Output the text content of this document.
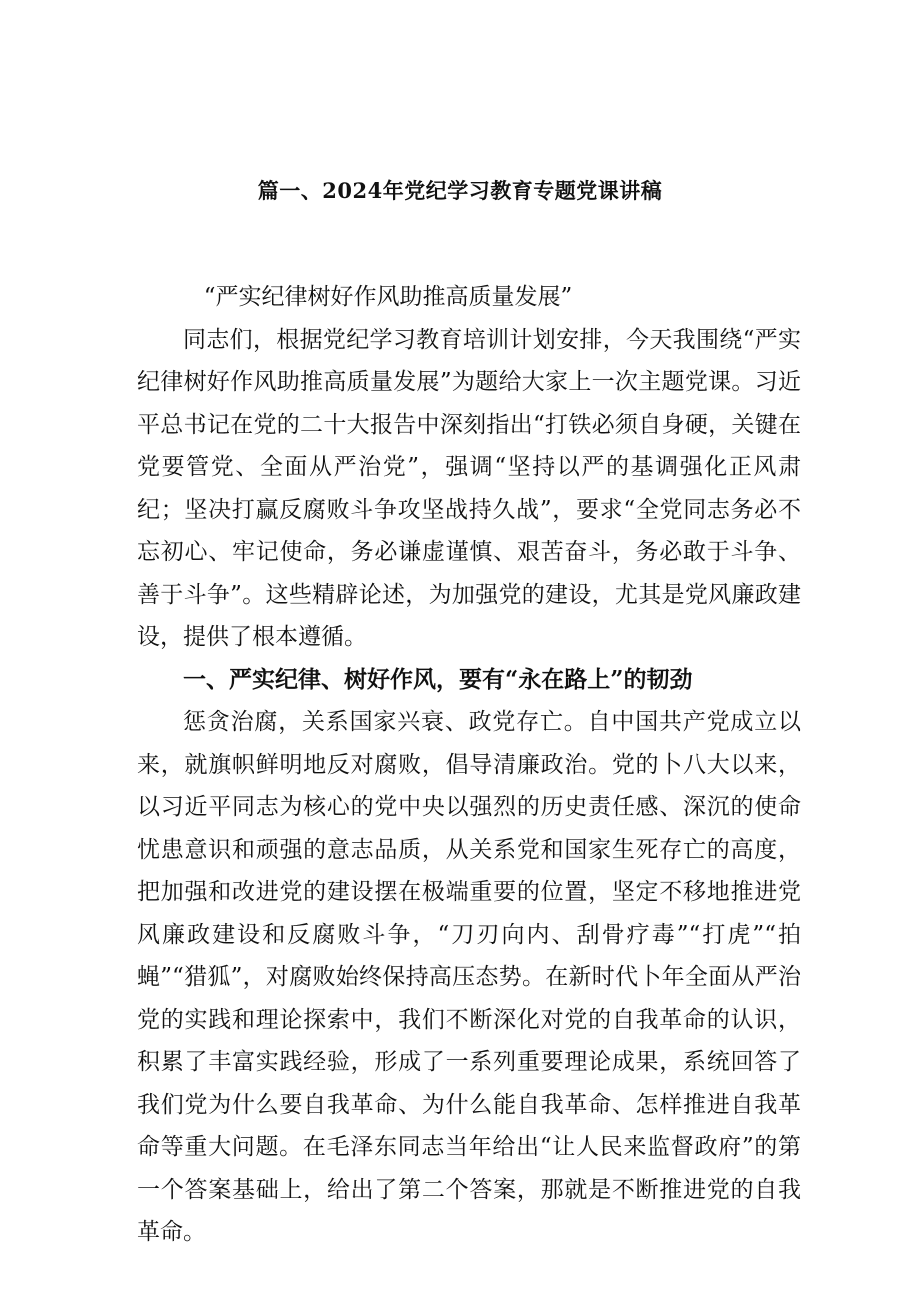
篇一、2024年党纪学习教育专题党课讲稿

“严实纪律树好作风助推高质量发展”

同志们，根据党纪学习教育培训计划安排，今天我围绕“严实纪律树好作风助推高质量发展”为题给大家上一次主题党课。习近平总书记在党的二十大报告中深刻指出“打铁必须自身硬，关键在党要管党、全面从严治党”，强调“坚持以严的基调强化正风肃纪；坚决打赢反腐败斗争攻坚战持久战”，要求“全党同志务必不忘初心、牢记使命，务必谦虚谨慎、艰苦奋斗，务必敢于斗争、善于斗争”。这些精辟论述，为加强党的建设，尤其是党风廉政建设，提供了根本遵循。

一、严实纪律、树好作风，要有“永在路上”的韧劲

惩贪治腐，关系国家兴衰、政党存亡。自中国共产党成立以来，就旗帜鲜明地反对腐败，倡导清廉政治。党的卜八大以来，以习近平同志为核心的党中央以强烈的历史责任感、深沉的使命忧患意识和顽强的意志品质，从关系党和国家生死存亡的高度，把加强和改进党的建设摆在极端重要的位置，坚定不移地推进党风廉政建设和反腐败斗争，“刀刃向内、刮骨疗毒”“打虎”“拍蝇”“猎狐”，对腐败始终保持高压态势。在新时代卜年全面从严治党的实践和理论探索中，我们不断深化对党的自我革命的认识，积累了丰富实践经验，形成了一系列重要理论成果，系统回答了我们党为什么要自我革命、为什么能自我革命、怎样推进自我革命等重大问题。在毛泽东同志当年给出“让人民来监督政府”的第一个答案基础上，给出了第二个答案，那就是不断推进党的自我革命。
